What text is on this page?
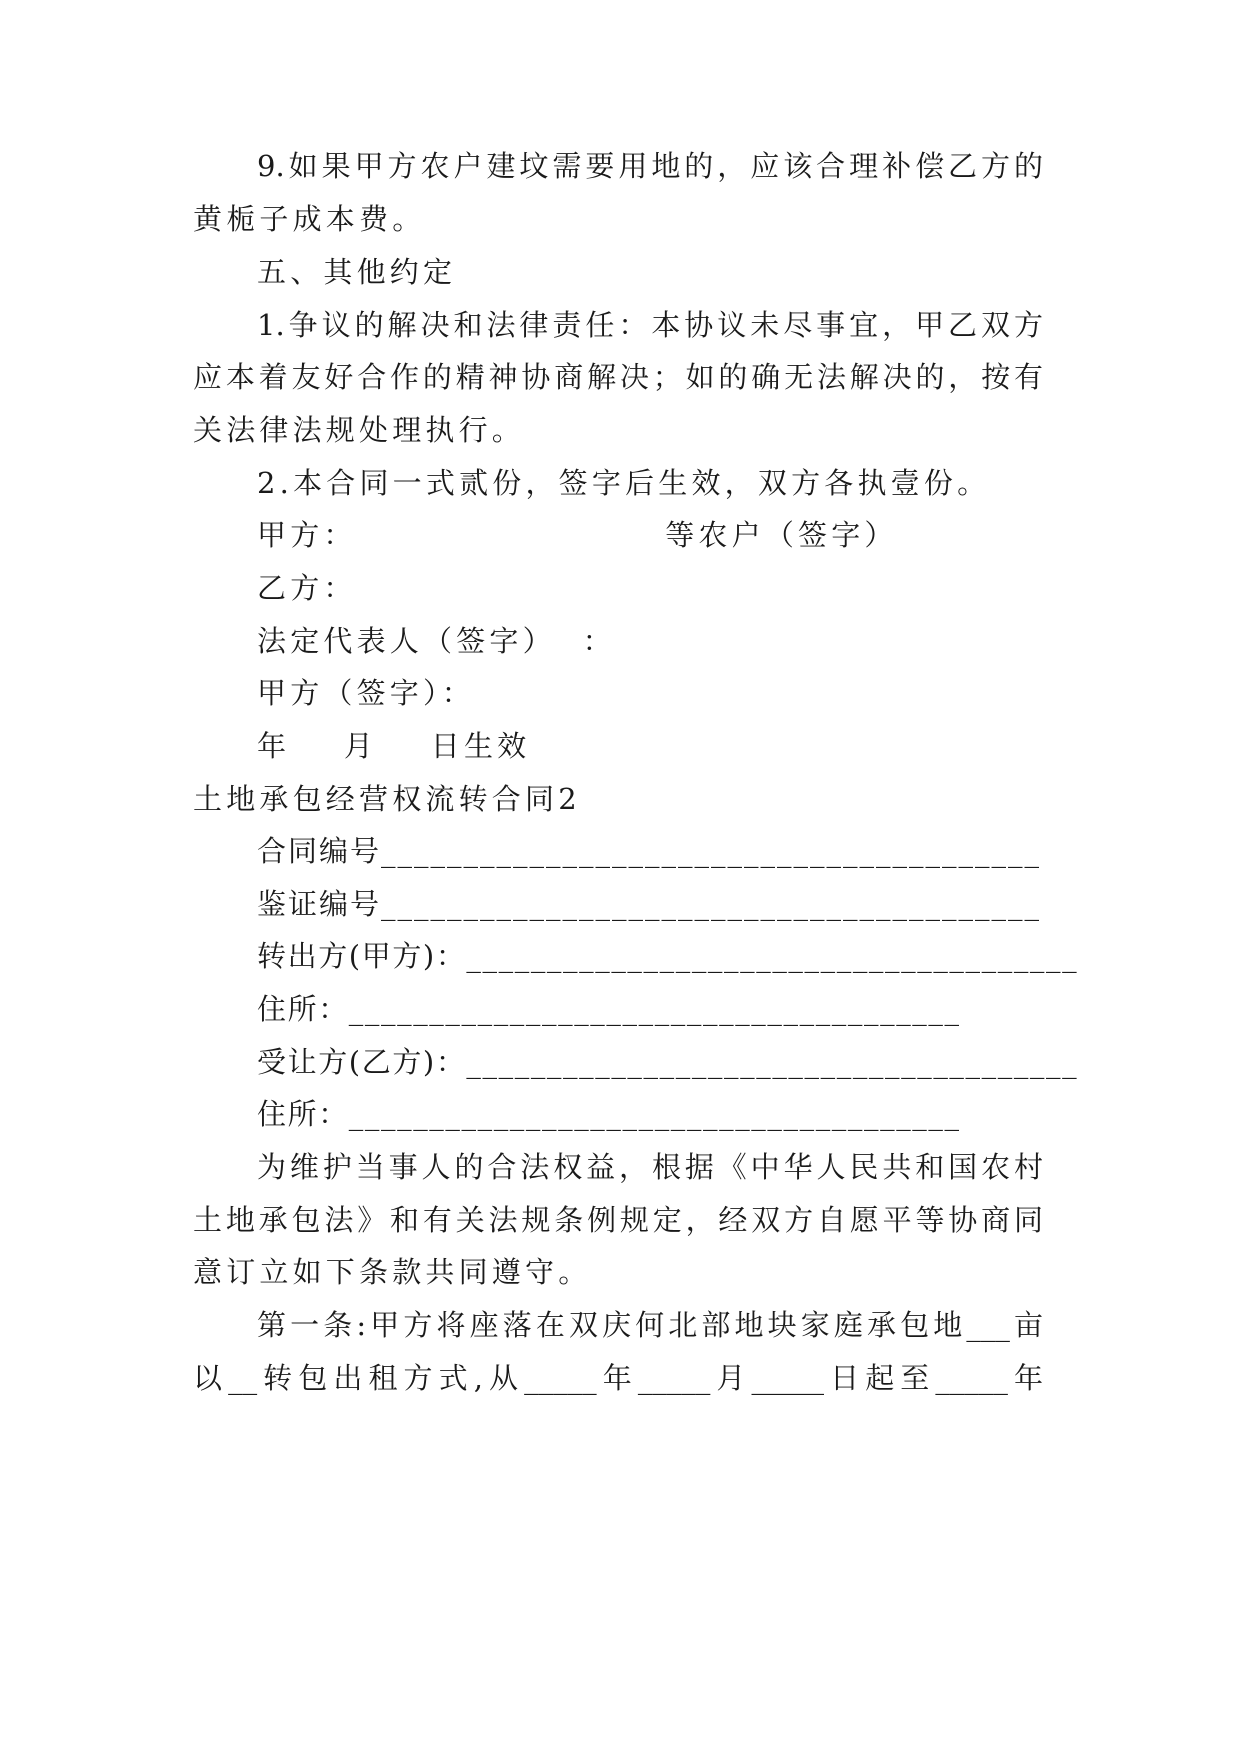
9.如果甲方农户建坟需要用地的，应该合理补偿乙方的
黄栀子成本费。
五、其他约定
1.争议的解决和法律责任：本协议未尽事宜，甲乙双方
应本着友好合作的精神协商解决；如的确无法解决的，按有
关法律法规处理执行。
2.本合同一式贰份，签字后生效，双方各执壹份。
甲方：                       等农户（签字）
乙方：
法定代表人（签字）  ：
甲方（签字）：
年    月    日生效
土地承包经营权流转合同2
合同编号________________________________________
鉴证编号________________________________________
转出方(甲方)：______________________________________
住所：______________________________________
受让方(乙方)：______________________________________
住所：______________________________________
为维护当事人的合法权益，根据《中华人民共和国农村
土地承包法》和有关法规条例规定，经双方自愿平等协商同
意订立如下条款共同遵守。
第一条:甲方将座落在双庆何北部地块家庭承包地___亩
以__转包出租方式,从_____年_____月_____日起至_____年
